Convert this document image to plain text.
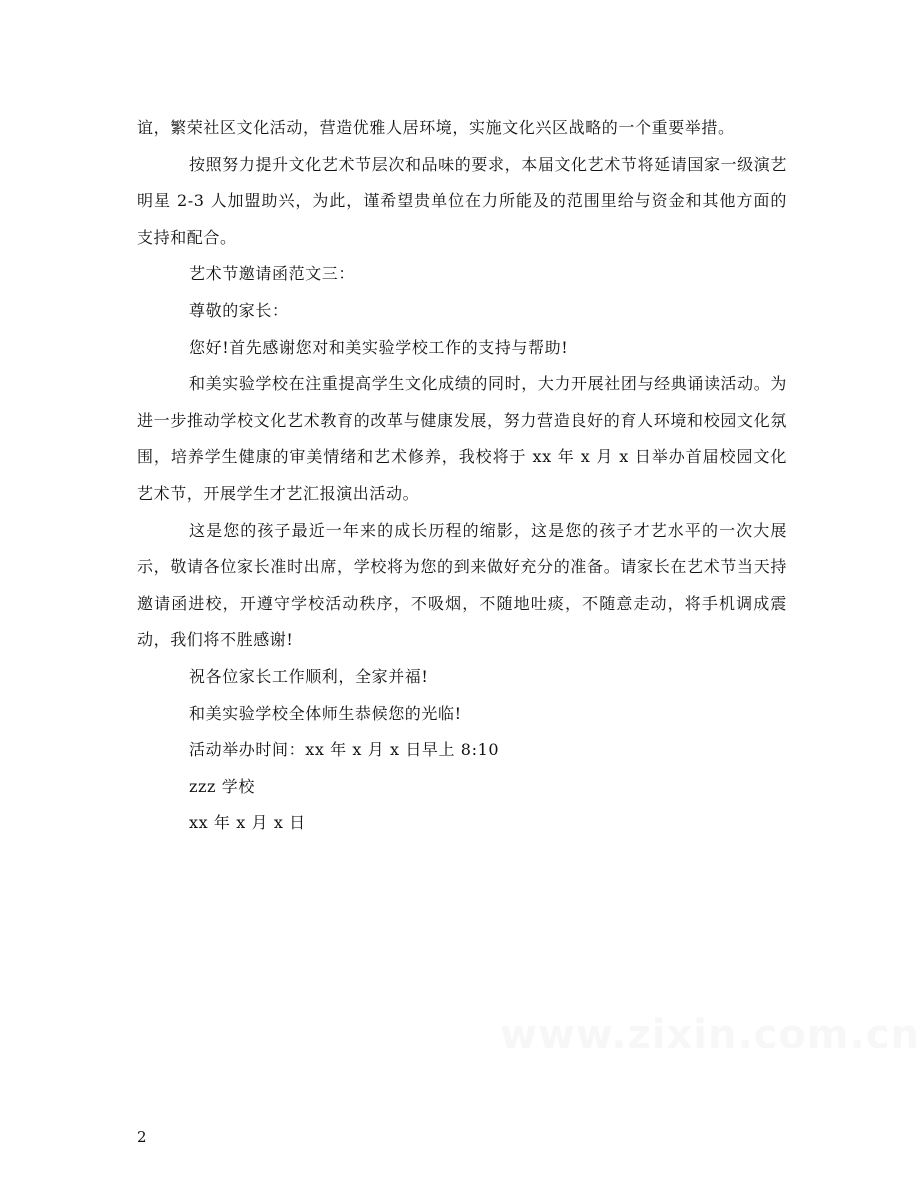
谊，繁荣社区文化活动，营造优雅人居环境，实施文化兴区战略的一个重要举措。

按照努力提升文化艺术节层次和品味的要求，本届文化艺术节将延请国家一级演艺明星 2-3 人加盟助兴，为此，谨希望贵单位在力所能及的范围里给与资金和其他方面的支持和配合。

艺术节邀请函范文三：

尊敬的家长：

您好!首先感谢您对和美实验学校工作的支持与帮助!

和美实验学校在注重提高学生文化成绩的同时，大力开展社团与经典诵读活动。为进一步推动学校文化艺术教育的改革与健康发展，努力营造良好的育人环境和校园文化氛围，培养学生健康的审美情绪和艺术修养，我校将于 xx 年 x 月 x 日举办首届校园文化艺术节，开展学生才艺汇报演出活动。

这是您的孩子最近一年来的成长历程的缩影，这是您的孩子才艺水平的一次大展示，敬请各位家长准时出席，学校将为您的到来做好充分的准备。请家长在艺术节当天持邀请函进校，开遵守学校活动秩序，不吸烟，不随地吐痰，不随意走动，将手机调成震动，我们将不胜感谢!

祝各位家长工作顺利，全家并福!

和美实验学校全体师生恭候您的光临!

活动举办时间：xx 年 x 月 x 日早上 8:10

zzz 学校

xx 年 x 月 x 日

www.zixin.com.cn
2
